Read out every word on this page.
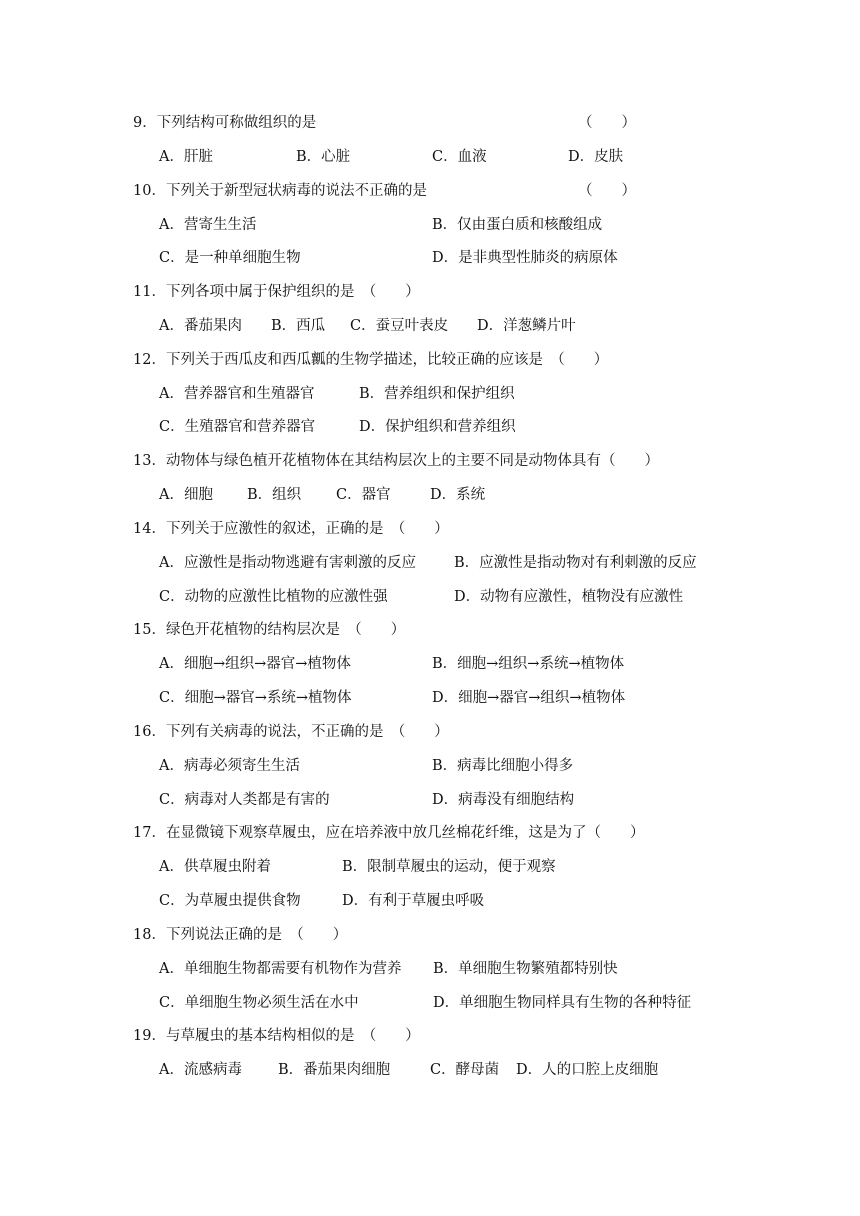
9．下列结构可称做组织的是	（　　）
A．肝脏	B．心脏	C．血液	D．皮肤
10．下列关于新型冠状病毒的说法不正确的是	（　　）
A．营寄生生活	B．仅由蛋白质和核酸组成
C．是一种单细胞生物	D．是非典型性肺炎的病原体
11．下列各项中属于保护组织的是　（　　）
A．番茄果肉 B．西瓜 C．蚕豆叶表皮 D．洋葱鳞片叶
12．下列关于西瓜皮和西瓜瓤的生物学描述，比较正确的应该是　（　　）
A．营养器官和生殖器官	B．营养组织和保护组织
C．生殖器官和营养器官	D．保护组织和营养组织
13．动物体与绿色植开花植物体在其结构层次上的主要不同是动物体具有（　　）
A．细胞 B．组织 C．器官	D．系统
14．下列关于应激性的叙述，正确的是　（　　）
A．应激性是指动物逃避有害刺激的反应	B．应激性是指动物对有利刺激的反应
C．动物的应激性比植物的应激性强	D．动物有应激性，植物没有应激性
15．绿色开花植物的结构层次是　（　　）
A．细胞→组织→器官→植物体	B．细胞→组织→系统→植物体
C．细胞→器官→系统→植物体	D．细胞→器官→组织→植物体
16．下列有关病毒的说法，不正确的是　（　　）
A．病毒必须寄生生活	B．病毒比细胞小得多
C．病毒对人类都是有害的	D．病毒没有细胞结构
17．在显微镜下观察草履虫，应在培养液中放几丝棉花纤维，这是为了（　　）
A．供草履虫附着	B．限制草履虫的运动，便于观察
C．为草履虫提供食物	D．有利于草履虫呼吸
18．下列说法正确的是　（　　）
A．单细胞生物都需要有机物作为营养 B．单细胞生物繁殖都特别快
C．单细胞生物必须生活在水中	D．单细胞生物同样具有生物的各种特征
19．与草履虫的基本结构相似的是　（　　）
A．流感病毒 B．番茄果肉细胞	C．酵母菌 D．人的口腔上皮细胞
